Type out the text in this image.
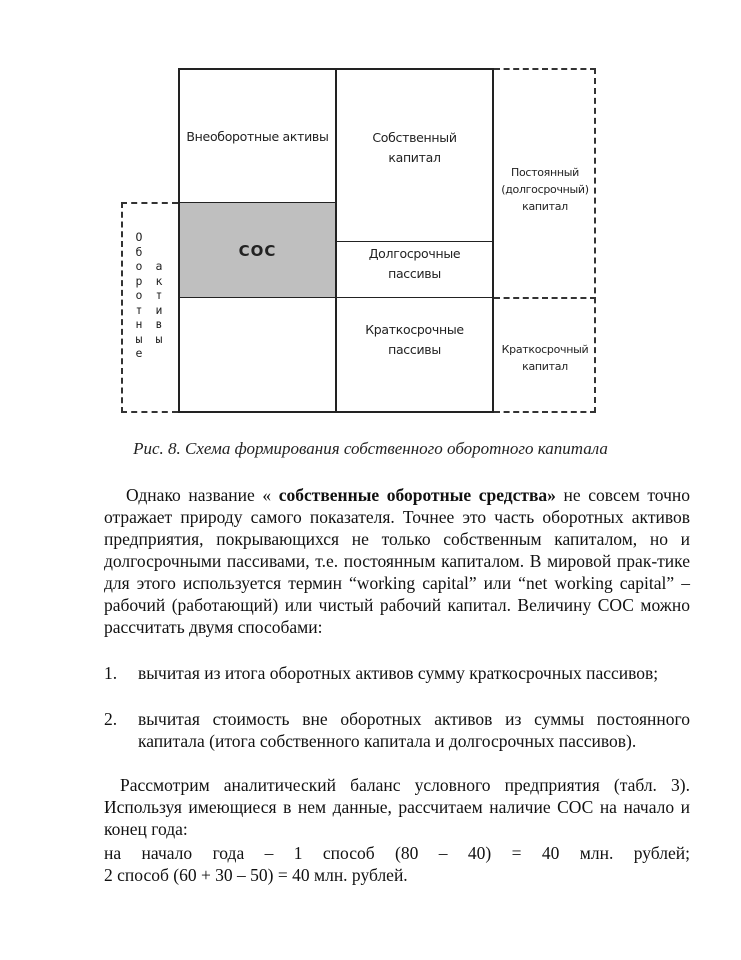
Внеоборотные активы	Собственный
капитал
СОС	Долгосрочные
пассивы
Краткосрочные
пассивы
Постоянный
(долгосрочный)
капитал
Краткосрочный
капитал
О
б
о
р
о
т
н
ы
е
а
к
т
и
в
ы
Рис. 8. Схема формирования собственного оборотного капитала
Однако название « собственные оборотные средства» не совсем точно отражает природу самого показателя. Точнее это часть оборотных активов предприятия, покрывающихся не только собственным капиталом, но и долгосрочными пассивами, т.е. постоянным капиталом. В мировой прак-тике для этого используется термин “working capital” или “net working capital” – рабочий (работающий) или чистый рабочий капитал. Величину СОС можно рассчитать двумя способами:
1. вычитая из итога оборотных активов сумму краткосрочных пассивов;
2. вычитая стоимость вне оборотных активов из суммы постоянного капитала (итога собственного капитала и долгосрочных пассивов).
Рассмотрим аналитический баланс условного предприятия (табл. 3). Используя имеющиеся в нем данные, рассчитаем наличие СОС на начало и конец года:
на начало года – 1 способ (80 – 40) = 40 млн. рублей;
2 способ (60 + 30 – 50) = 40 млн. рублей.
